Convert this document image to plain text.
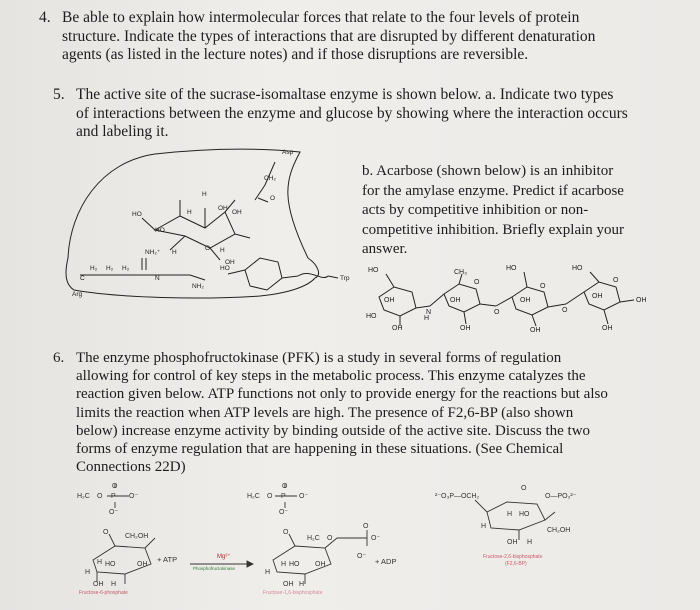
4. Be able to explain how intermolecular forces that relate to the four levels of protein
structure. Indicate the types of interactions that are disrupted by different denaturation
agents (as listed in the lecture notes) and if those disruptions are reversible.
5. The active site of the sucrase-isomaltase enzyme is shown below. a. Indicate two types
of interactions between the enzyme and glucose by showing where the interaction occurs
and labeling it.
Asp
CH₂
O
HO
HO
OH
OH
H
H
O H
OH
H
NH₂⁺
H₂ H₂ H₂
C	N
NH₂
HO
Trp
Arg
b. Acarbose (shown below) is an inhibitor
for the amylase enzyme. Predict if acarbose
acts by competitive inhibition or non-
competitive inhibition. Briefly explain your
answer.
HO
OH
HO
OH
H
N
CH₃
OH
OH
O
O
HO
OH
OH
O
O
HO
OH
OH
O
OH
6. The enzyme phosphofructokinase (PFK) is a study in several forms of regulation
allowing for control of key steps in the metabolic process. This enzyme catalyzes the
reaction given below. ATP functions not only to provide energy for the reactions but also
limits the reaction when ATP levels are high. The presence of F2,6-BP (also shown
below) increase enzyme activity by binding outside of the active site. Discuss the two
forms of enzyme regulation that are happening in these situations. (See Chemical
Connections 22D)
H₂C O P
O
O⁻
O⁻
O
CH₂OH
H HO	OH
H
OH H
+ ATP	Mg²⁺
Phosphofructokinase
Fructose-6-phosphate
H₂C O P
O
O⁻
O⁻
O
H₂C O
O
O⁻
O⁻
+ ADP
H HO OH
H
OH H
Fructose-1,6-bisphosphate
²⁻O₃P—OCH₂
O
O—PO₃²⁻
H HO
H
CH₂OH
OH H
Fructose-2,6-bisphosphate
(F2,6-BP)
